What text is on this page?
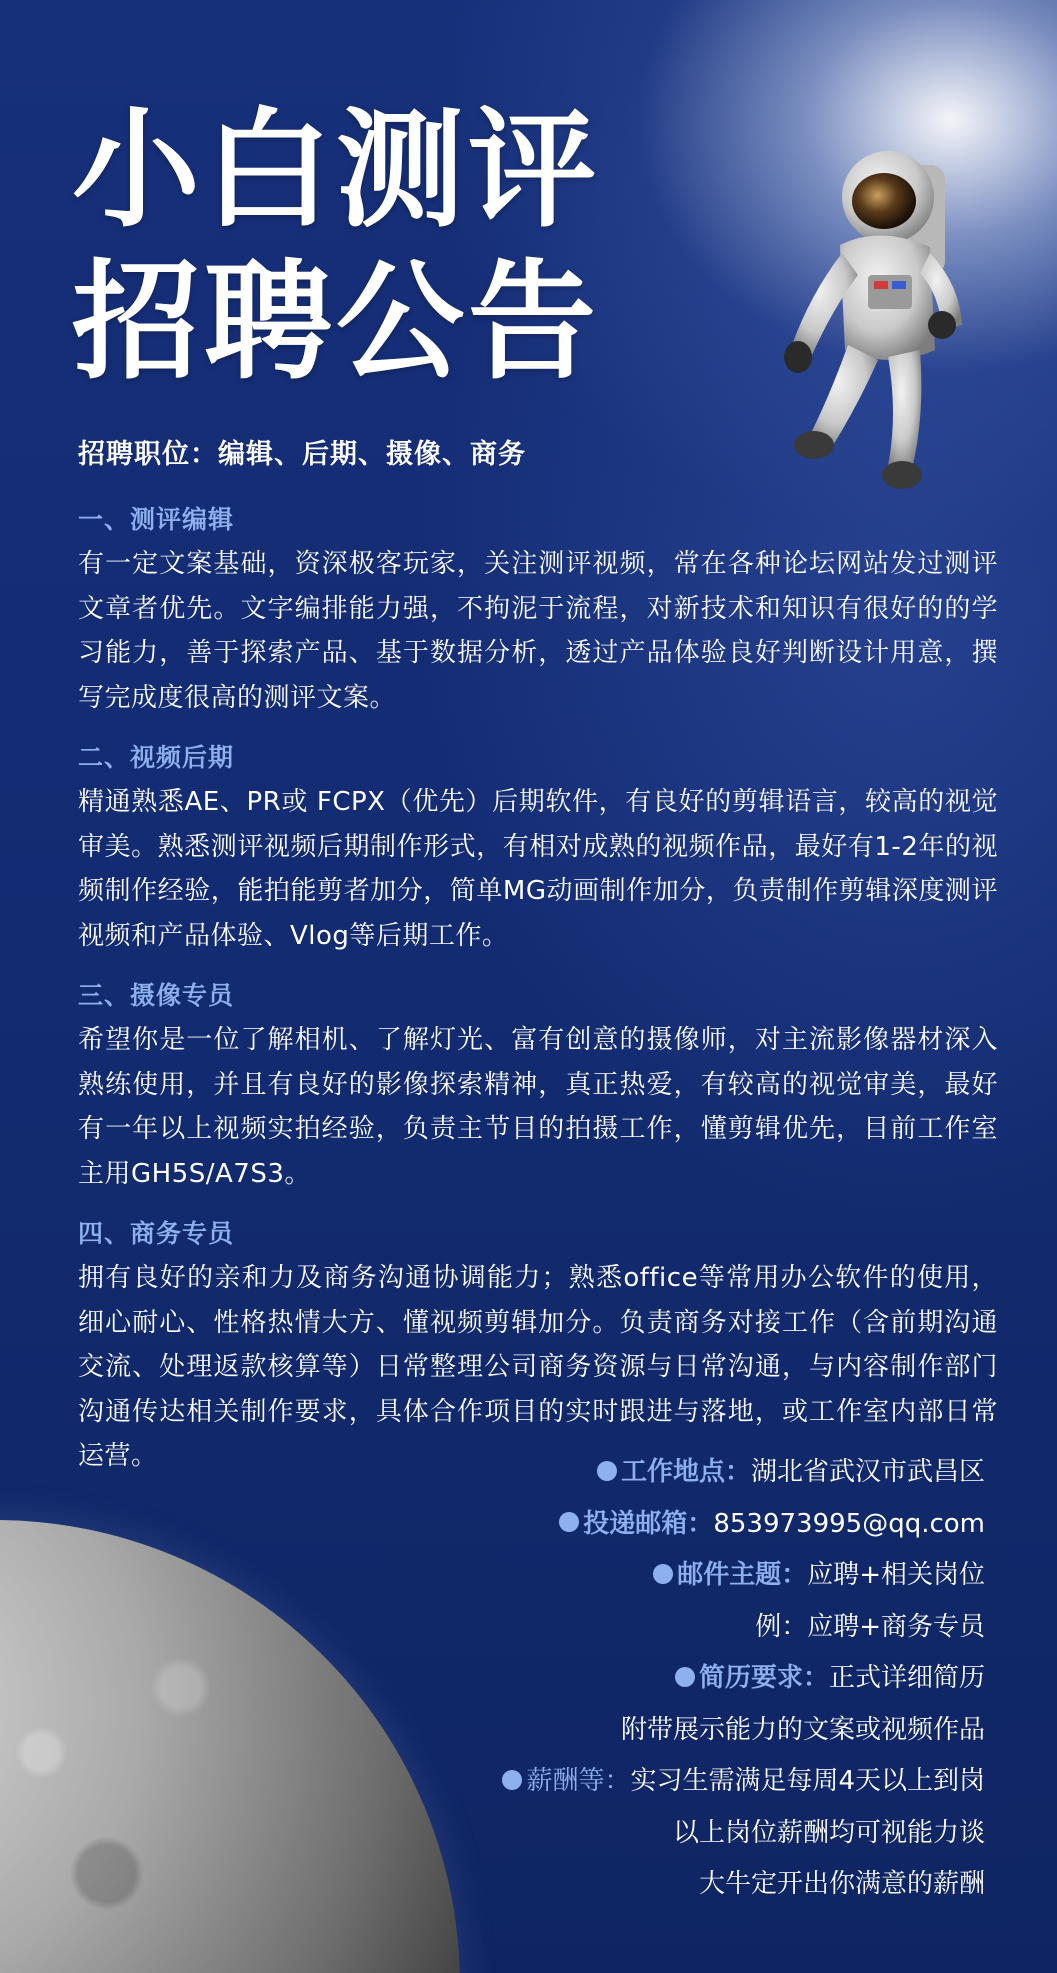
小白测评
招聘公告
招聘职位：编辑、后期、摄像、商务
一、测评编辑

有一定文案基础，资深极客玩家，关注测评视频，常在各种论坛网站发过测评文章者优先。文字编排能力强，不拘泥于流程，对新技术和知识有很好的的学习能力，善于探索产品、基于数据分析，透过产品体验良好判断设计用意，撰写完成度很高的测评文案。

二、视频后期

精通熟悉AE、PR或 FCPX（优先）后期软件，有良好的剪辑语言，较高的视觉审美。熟悉测评视频后期制作形式，有相对成熟的视频作品，最好有1-2年的视频制作经验，能拍能剪者加分，简单MG动画制作加分，负责制作剪辑深度测评视频和产品体验、Vlog等后期工作。

三、摄像专员

希望你是一位了解相机、了解灯光、富有创意的摄像师，对主流影像器材深入熟练使用，并且有良好的影像探索精神，真正热爱，有较高的视觉审美，最好有一年以上视频实拍经验，负责主节目的拍摄工作，懂剪辑优先，目前工作室主用GH5S/A7S3。

四、商务专员

拥有良好的亲和力及商务沟通协调能力；熟悉office等常用办公软件的使用，细心耐心、性格热情大方、懂视频剪辑加分。负责商务对接工作（含前期沟通交流、处理返款核算等）日常整理公司商务资源与日常沟通，与内容制作部门沟通传达相关制作要求，具体合作项目的实时跟进与落地，或工作室内部日常运营。

工作地点：湖北省武汉市武昌区
投递邮箱：853973995@qq.com
邮件主题：应聘+相关岗位
例：应聘+商务专员
简历要求：正式详细简历
附带展示能力的文案或视频作品
薪酬等：实习生需满足每周4天以上到岗
以上岗位薪酬均可视能力谈
大牛定开出你满意的薪酬
